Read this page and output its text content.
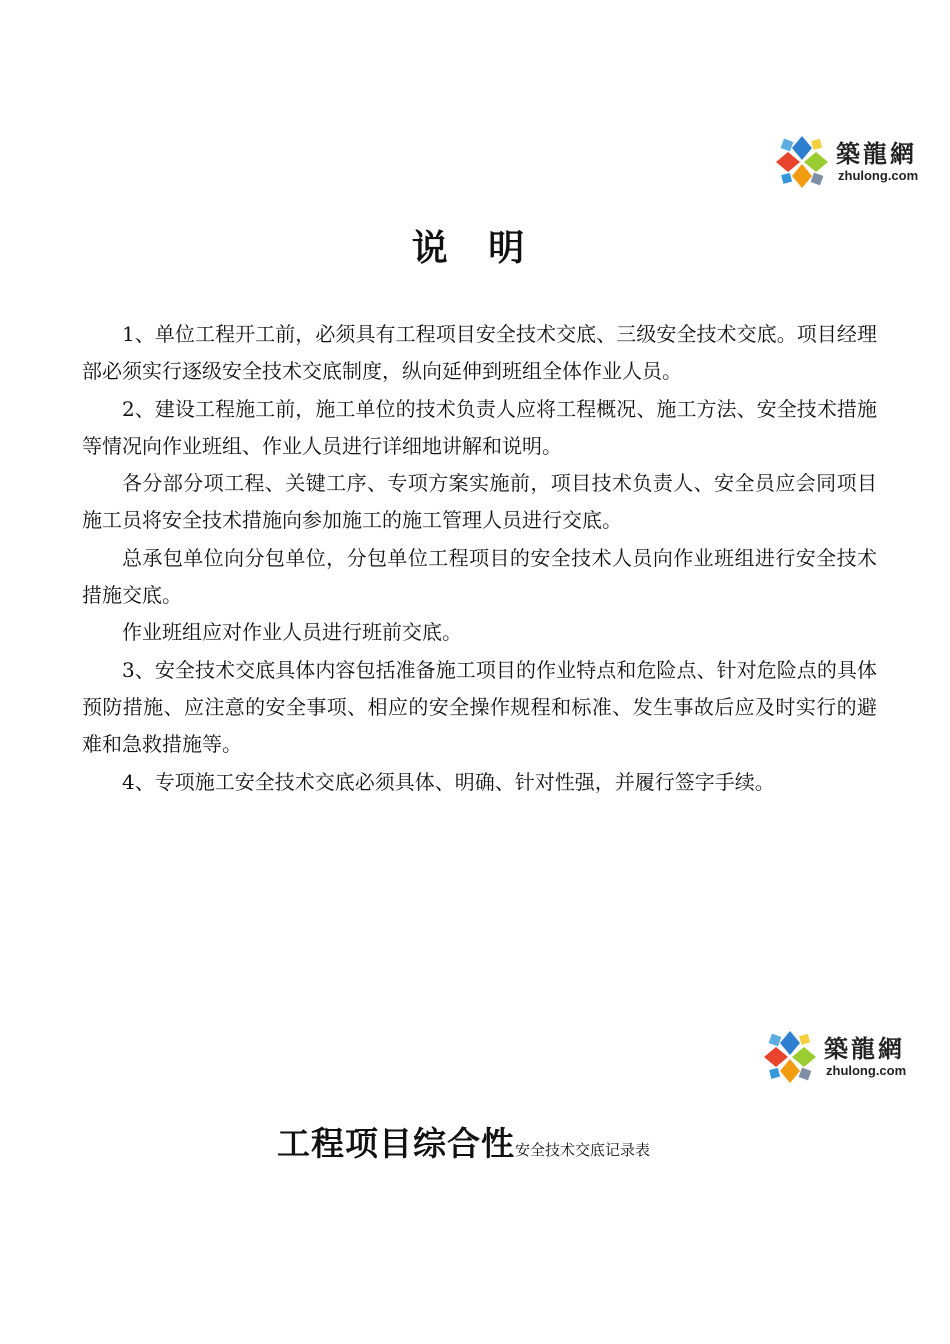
築龍網
zhulong.com
说 明

1、单位工程开工前，必须具有工程项目安全技术交底、三级安全技术交底。项目经理部必须实行逐级安全技术交底制度，纵向延伸到班组全体作业人员。

2、建设工程施工前，施工单位的技术负责人应将工程概况、施工方法、安全技术措施等情况向作业班组、作业人员进行详细地讲解和说明。

各分部分项工程、关键工序、专项方案实施前，项目技术负责人、安全员应会同项目施工员将安全技术措施向参加施工的施工管理人员进行交底。

总承包单位向分包单位，分包单位工程项目的安全技术人员向作业班组进行安全技术措施交底。

作业班组应对作业人员进行班前交底。

3、安全技术交底具体内容包括准备施工项目的作业特点和危险点、针对危险点的具体预防措施、应注意的安全事项、相应的安全操作规程和标准、发生事故后应及时实行的避难和急救措施等。

4、专项施工安全技术交底必须具体、明确、针对性强，并履行签字手续。

築龍網
zhulong.com
工程项目综合性安全技术交底记录表
